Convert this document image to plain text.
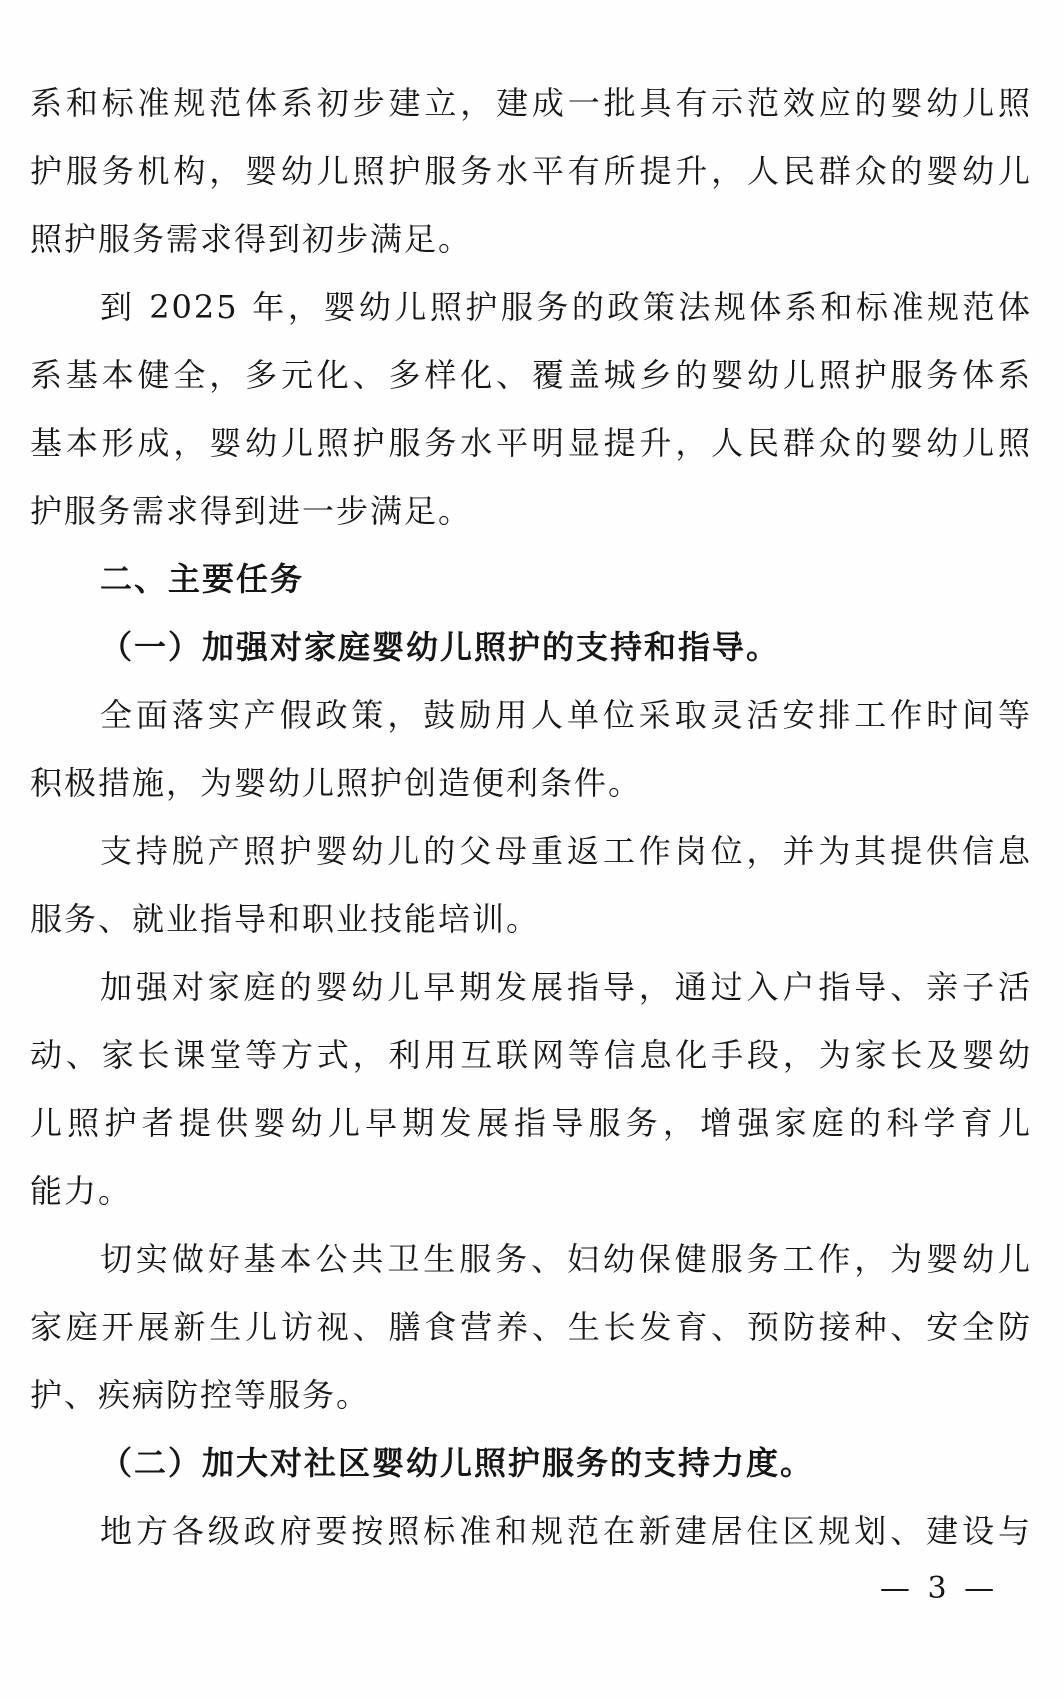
系和标准规范体系初步建立，建成一批具有示范效应的婴幼儿照
护服务机构，婴幼儿照护服务水平有所提升，人民群众的婴幼儿
照护服务需求得到初步满足。
到 2025 年，婴幼儿照护服务的政策法规体系和标准规范体
系基本健全，多元化、多样化、覆盖城乡的婴幼儿照护服务体系
基本形成，婴幼儿照护服务水平明显提升，人民群众的婴幼儿照
护服务需求得到进一步满足。
二、主要任务
（一）加强对家庭婴幼儿照护的支持和指导。
全面落实产假政策，鼓励用人单位采取灵活安排工作时间等
积极措施，为婴幼儿照护创造便利条件。
支持脱产照护婴幼儿的父母重返工作岗位，并为其提供信息
服务、就业指导和职业技能培训。
加强对家庭的婴幼儿早期发展指导，通过入户指导、亲子活
动、家长课堂等方式，利用互联网等信息化手段，为家长及婴幼
儿照护者提供婴幼儿早期发展指导服务，增强家庭的科学育儿
能力。
切实做好基本公共卫生服务、妇幼保健服务工作，为婴幼儿
家庭开展新生儿访视、膳食营养、生长发育、预防接种、安全防
护、疾病防控等服务。
（二）加大对社区婴幼儿照护服务的支持力度。
地方各级政府要按照标准和规范在新建居住区规划、建设与
— 3 —
